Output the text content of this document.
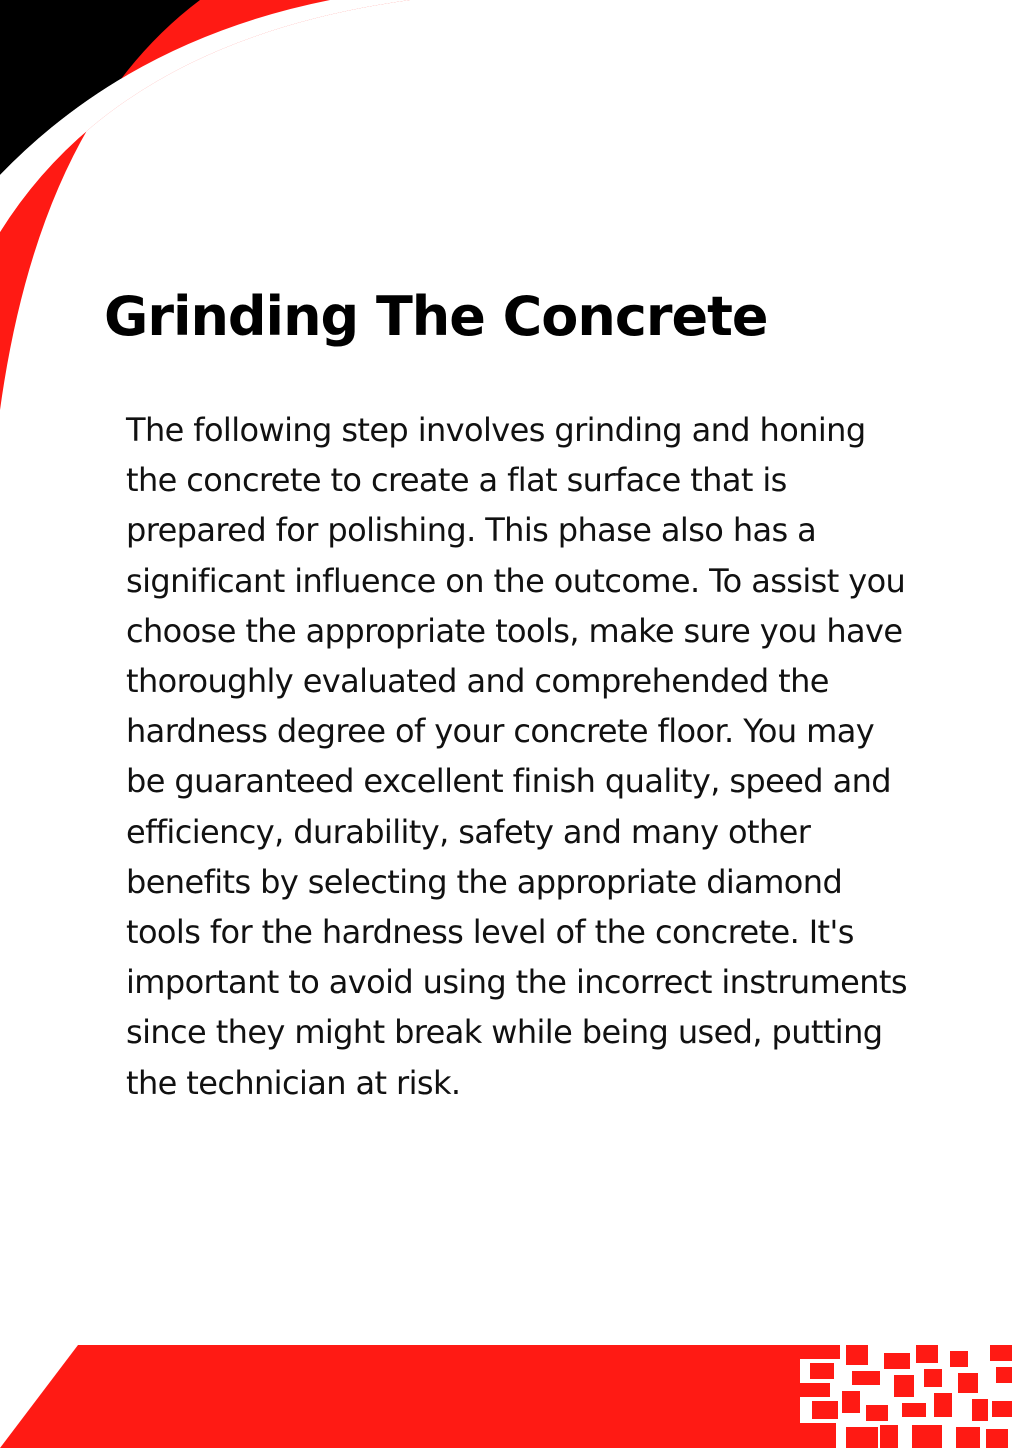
Grinding The Concrete

The following step involves grinding and honing the concrete to create a flat surface that is prepared for polishing. This phase also has a significant influence on the outcome. To assist you choose the appropriate tools, make sure you have thoroughly evaluated and comprehended the hardness degree of your concrete floor. You may be guaranteed excellent finish quality, speed and efficiency, durability, safety and many other benefits by selecting the appropriate diamond tools for the hardness level of the concrete. It's important to avoid using the incorrect instruments since they might break while being used, putting the technician at risk.
